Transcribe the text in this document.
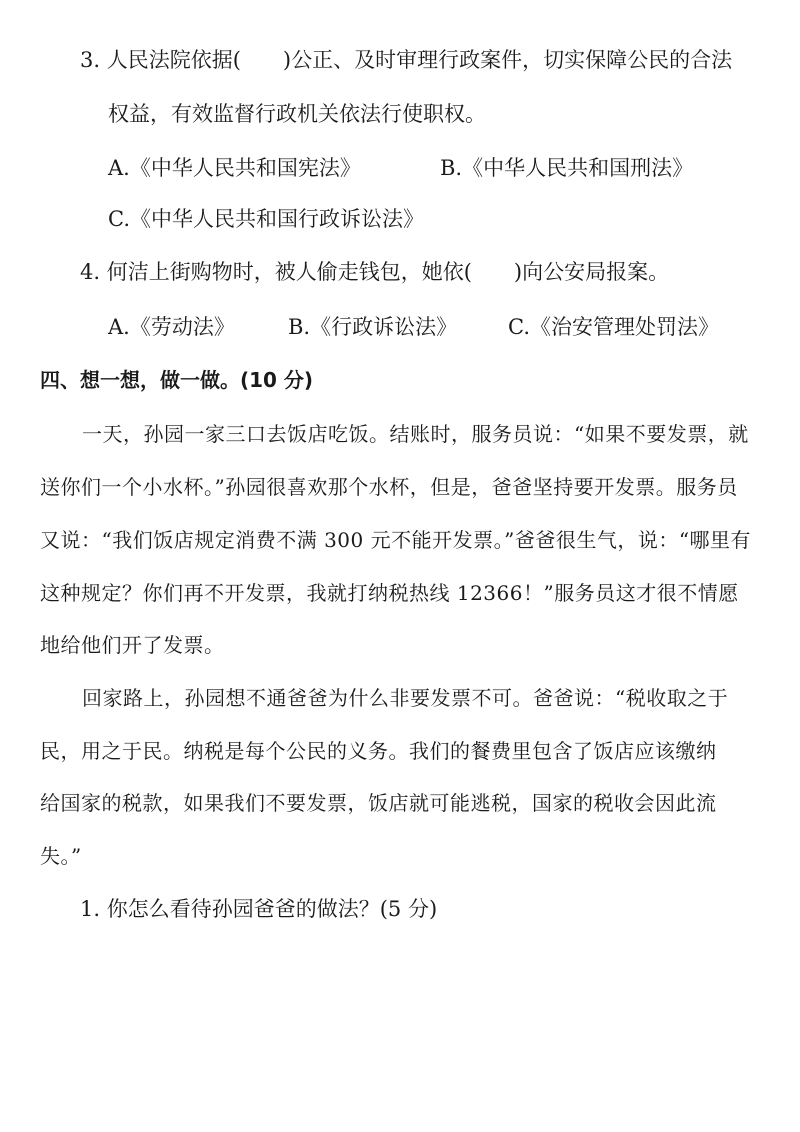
3. 人民法院依据(　　)公正、及时审理行政案件，切实保障公民的合法
权益，有效监督行政机关依法行使职权。
A.《中华人民共和国宪法》	B.《中华人民共和国刑法》
C.《中华人民共和国行政诉讼法》
4. 何洁上街购物时，被人偷走钱包，她依(　　)向公安局报案。
A.《劳动法》	B.《行政诉讼法》 C.《治安管理处罚法》
四、想一想，做一做。(10 分)
一天，孙园一家三口去饭店吃饭。结账时，服务员说：“如果不要发票，就
送你们一个小水杯。”孙园很喜欢那个水杯，但是，爸爸坚持要开发票。服务员
又说：“我们饭店规定消费不满 300 元不能开发票。”爸爸很生气，说：“哪里有
这种规定？你们再不开发票，我就打纳税热线 12366！”服务员这才很不情愿
地给他们开了发票。
回家路上，孙园想不通爸爸为什么非要发票不可。爸爸说：“税收取之于
民，用之于民。纳税是每个公民的义务。我们的餐费里包含了饭店应该缴纳
给国家的税款，如果我们不要发票，饭店就可能逃税，国家的税收会因此流
失。”
1. 你怎么看待孙园爸爸的做法？(5 分)
